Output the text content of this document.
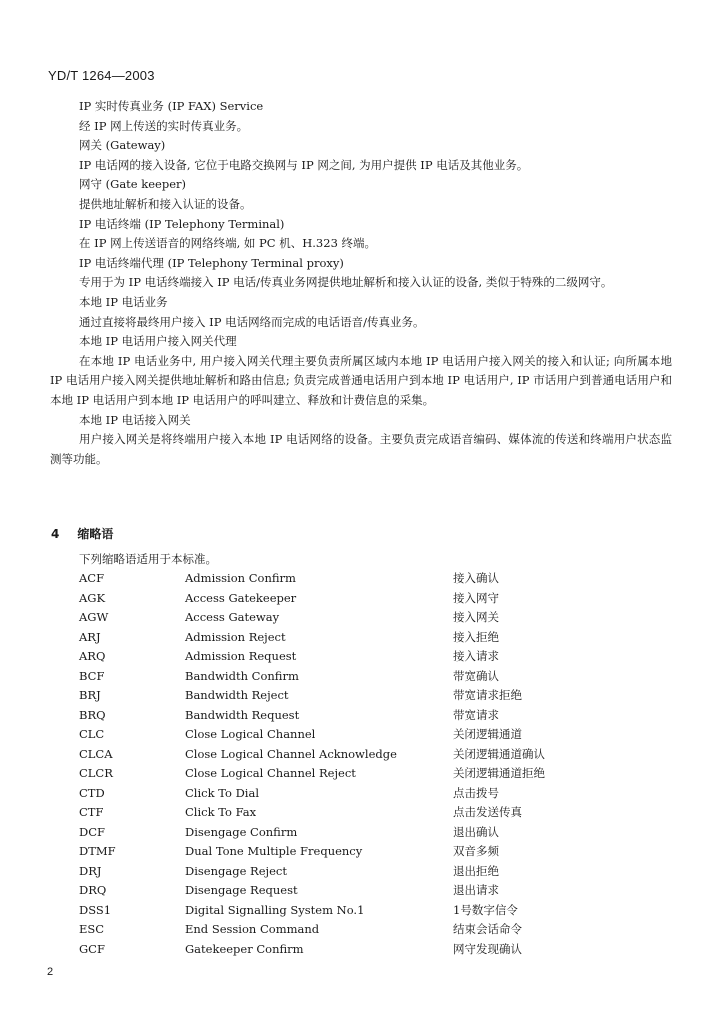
YD/T 1264—2003

IP 实时传真业务 (IP FAX) Service

经 IP 网上传送的实时传真业务。

网关 (Gateway)

IP 电话网的接入设备, 它位于电路交换网与 IP 网之间, 为用户提供 IP 电话及其他业务。

网守 (Gate keeper)

提供地址解析和接入认证的设备。

IP 电话终端 (IP Telephony Terminal)

在 IP 网上传送语音的网络终端, 如 PC 机、H.323 终端。

IP 电话终端代理 (IP Telephony Terminal proxy)

专用于为 IP 电话终端接入 IP 电话/传真业务网提供地址解析和接入认证的设备, 类似于特殊的二级网守。

本地 IP 电话业务

通过直接将最终用户接入 IP 电话网络而完成的电话语音/传真业务。

本地 IP 电话用户接入网关代理

在本地 IP 电话业务中, 用户接入网关代理主要负责所属区域内本地 IP 电话用户接入网关的接入和认证; 向所属本地 IP 电话用户接入网关提供地址解析和路由信息; 负责完成普通电话用户到本地 IP 电话用户, IP 市话用户到普通电话用户和本地 IP 电话用户到本地 IP 电话用户的呼叫建立、释放和计费信息的采集。

本地 IP 电话接入网关

用户接入网关是将终端用户接入本地 IP 电话网络的设备。主要负责完成语音编码、媒体流的传送和终端用户状态监测等功能。

4 缩略语
下列缩略语适用于本标准。
ACF	Admission Confirm	接入确认
AGK	Access Gatekeeper	接入网守
AGW	Access Gateway	接入网关
ARJ	Admission Reject	接入拒绝
ARQ	Admission Request	接入请求
BCF	Bandwidth Confirm	带宽确认
BRJ	Bandwidth Reject	带宽请求拒绝
BRQ	Bandwidth Request	带宽请求
CLC	Close Logical Channel	关闭逻辑通道
CLCA	Close Logical Channel Acknowledge	关闭逻辑通道确认
CLCR	Close Logical Channel Reject	关闭逻辑通道拒绝
CTD	Click To Dial	点击拨号
CTF	Click To Fax	点击发送传真
DCF	Disengage Confirm	退出确认
DTMF	Dual Tone Multiple Frequency	双音多频
DRJ	Disengage Reject	退出拒绝
DRQ	Disengage Request	退出请求
DSS1	Digital Signalling System No.1	1号数字信令
ESC	End Session Command	结束会话命令
GCF	Gatekeeper Confirm	网守发现确认
2
